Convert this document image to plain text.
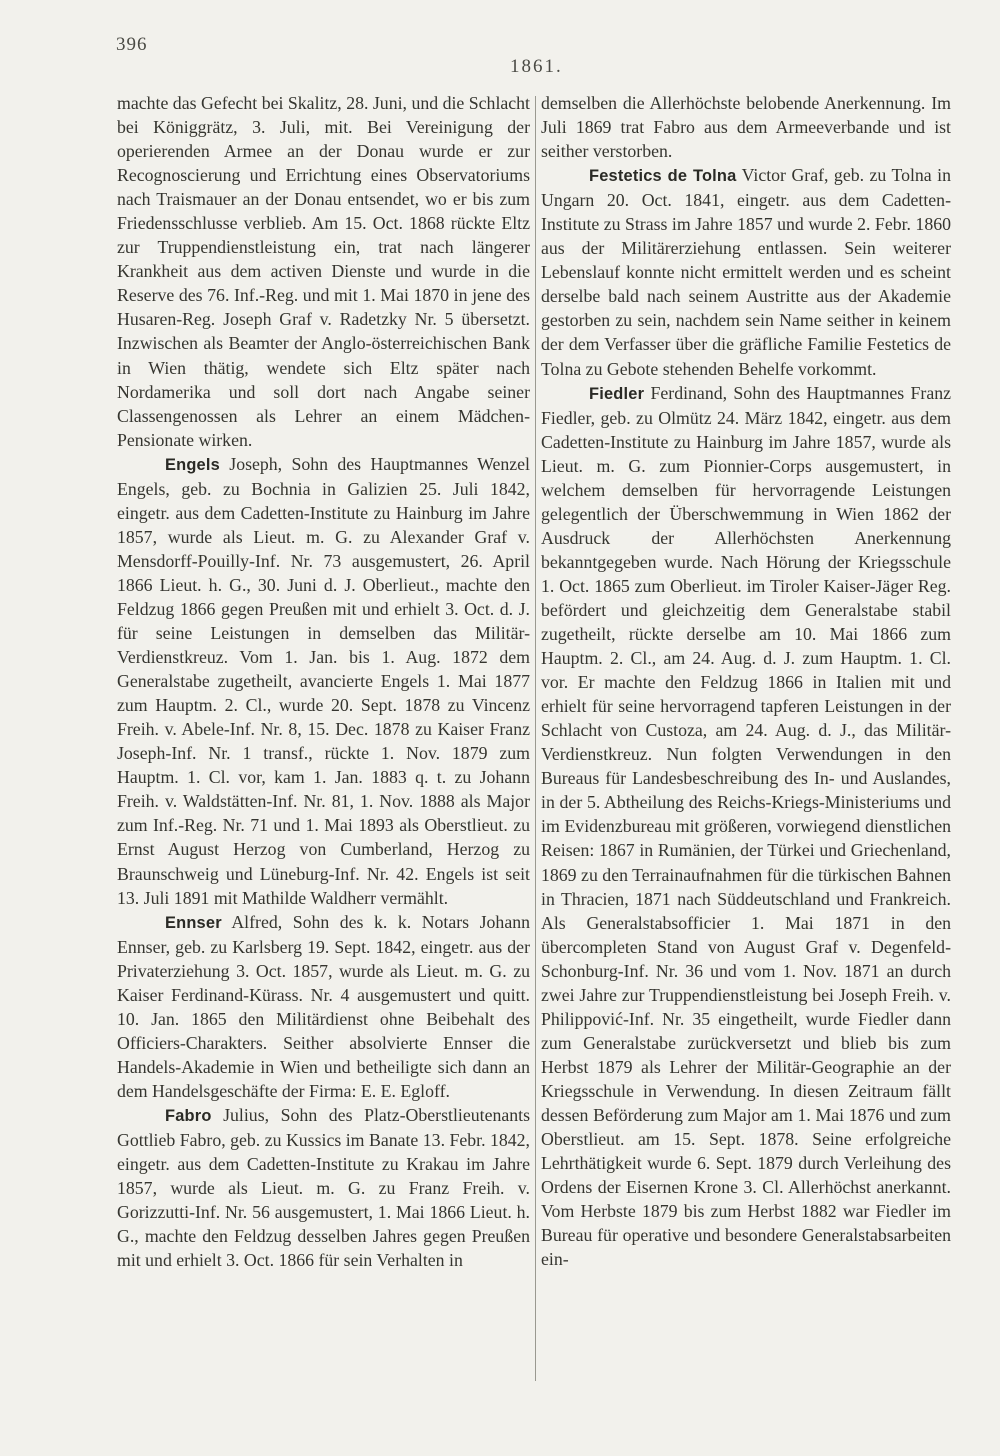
396
1861.

machte das Gefecht bei Skalitz, 28. Juni, und die Schlacht bei Königgrätz, 3. Juli, mit. Bei Vereinigung der operierenden Armee an der Donau wurde er zur Recognoscierung und Errichtung eines Observatoriums nach Traismauer an der Donau entsendet, wo er bis zum Friedensschlusse verblieb. Am 15. Oct. 1868 rückte Eltz zur Truppendienstleistung ein, trat nach längerer Krankheit aus dem activen Dienste und wurde in die Reserve des 76. Inf.-Reg. und mit 1. Mai 1870 in jene des Husaren-Reg. Joseph Graf v. Radetzky Nr. 5 übersetzt. Inzwischen als Beamter der Anglo-österreichischen Bank in Wien thätig, wendete sich Eltz später nach Nordamerika und soll dort nach Angabe seiner Classengenossen als Lehrer an einem Mädchen-Pensionate wirken.

Engels Joseph, Sohn des Hauptmannes Wenzel Engels, geb. zu Bochnia in Galizien 25. Juli 1842, eingetr. aus dem Cadetten-Institute zu Hainburg im Jahre 1857, wurde als Lieut. m. G. zu Alexander Graf v. Mensdorff-Pouilly-Inf. Nr. 73 ausgemustert, 26. April 1866 Lieut. h. G., 30. Juni d. J. Oberlieut., machte den Feldzug 1866 gegen Preußen mit und erhielt 3. Oct. d. J. für seine Leistungen in demselben das Militär-Verdienstkreuz. Vom 1. Jan. bis 1. Aug. 1872 dem Generalstabe zugetheilt, avancierte Engels 1. Mai 1877 zum Hauptm. 2. Cl., wurde 20. Sept. 1878 zu Vincenz Freih. v. Abele-Inf. Nr. 8, 15. Dec. 1878 zu Kaiser Franz Joseph-Inf. Nr. 1 transf., rückte 1. Nov. 1879 zum Hauptm. 1. Cl. vor, kam 1. Jan. 1883 q. t. zu Johann Freih. v. Waldstätten-Inf. Nr. 81, 1. Nov. 1888 als Major zum Inf.-Reg. Nr. 71 und 1. Mai 1893 als Oberstlieut. zu Ernst August Herzog von Cumberland, Herzog zu Braunschweig und Lüneburg-Inf. Nr. 42. Engels ist seit 13. Juli 1891 mit Mathilde Waldherr vermählt.

Ennser Alfred, Sohn des k. k. Notars Johann Ennser, geb. zu Karlsberg 19. Sept. 1842, eingetr. aus der Privaterziehung 3. Oct. 1857, wurde als Lieut. m. G. zu Kaiser Ferdinand-Kürass. Nr. 4 ausgemustert und quitt. 10. Jan. 1865 den Militärdienst ohne Beibehalt des Officiers-Charakters. Seither absolvierte Ennser die Handels-Akademie in Wien und betheiligte sich dann an dem Handelsgeschäfte der Firma: E. E. Egloff.

Fabro Julius, Sohn des Platz-Oberstlieutenants Gottlieb Fabro, geb. zu Kussics im Banate 13. Febr. 1842, eingetr. aus dem Cadetten-Institute zu Krakau im Jahre 1857, wurde als Lieut. m. G. zu Franz Freih. v. Gorizzutti-Inf. Nr. 56 ausgemustert, 1. Mai 1866 Lieut. h. G., machte den Feldzug desselben Jahres gegen Preußen mit und erhielt 3. Oct. 1866 für sein Verhalten in

demselben die Allerhöchste belobende Anerkennung. Im Juli 1869 trat Fabro aus dem Armeeverbande und ist seither verstorben.

Festetics de Tolna Victor Graf, geb. zu Tolna in Ungarn 20. Oct. 1841, eingetr. aus dem Cadetten-Institute zu Strass im Jahre 1857 und wurde 2. Febr. 1860 aus der Militärerziehung entlassen. Sein weiterer Lebenslauf konnte nicht ermittelt werden und es scheint derselbe bald nach seinem Austritte aus der Akademie gestorben zu sein, nachdem sein Name seither in keinem der dem Verfasser über die gräfliche Familie Festetics de Tolna zu Gebote stehenden Behelfe vorkommt.

Fiedler Ferdinand, Sohn des Hauptmannes Franz Fiedler, geb. zu Olmütz 24. März 1842, eingetr. aus dem Cadetten-Institute zu Hainburg im Jahre 1857, wurde als Lieut. m. G. zum Pionnier-Corps ausgemustert, in welchem demselben für hervorragende Leistungen gelegentlich der Überschwemmung in Wien 1862 der Ausdruck der Allerhöchsten Anerkennung bekanntgegeben wurde. Nach Hörung der Kriegsschule 1. Oct. 1865 zum Oberlieut. im Tiroler Kaiser-Jäger Reg. befördert und gleichzeitig dem Generalstabe stabil zugetheilt, rückte derselbe am 10. Mai 1866 zum Hauptm. 2. Cl., am 24. Aug. d. J. zum Hauptm. 1. Cl. vor. Er machte den Feldzug 1866 in Italien mit und erhielt für seine hervorragend tapferen Leistungen in der Schlacht von Custoza, am 24. Aug. d. J., das Militär-Verdienstkreuz. Nun folgten Verwendungen in den Bureaus für Landesbeschreibung des In- und Auslandes, in der 5. Abtheilung des Reichs-Kriegs-Ministeriums und im Evidenzbureau mit größeren, vorwiegend dienstlichen Reisen: 1867 in Rumänien, der Türkei und Griechenland, 1869 zu den Terrainaufnahmen für die türkischen Bahnen in Thracien, 1871 nach Süddeutschland und Frankreich. Als Generalstabsofficier 1. Mai 1871 in den übercompleten Stand von August Graf v. Degenfeld-Schonburg-Inf. Nr. 36 und vom 1. Nov. 1871 an durch zwei Jahre zur Truppendienstleistung bei Joseph Freih. v. Philippović-Inf. Nr. 35 eingetheilt, wurde Fiedler dann zum Generalstabe zurückversetzt und blieb bis zum Herbst 1879 als Lehrer der Militär-Geographie an der Kriegsschule in Verwendung. In diesen Zeitraum fällt dessen Beförderung zum Major am 1. Mai 1876 und zum Oberstlieut. am 15. Sept. 1878. Seine erfolgreiche Lehrthätigkeit wurde 6. Sept. 1879 durch Verleihung des Ordens der Eisernen Krone 3. Cl. Allerhöchst anerkannt. Vom Herbste 1879 bis zum Herbst 1882 war Fiedler im Bureau für operative und besondere Generalstabsarbeiten ein-
